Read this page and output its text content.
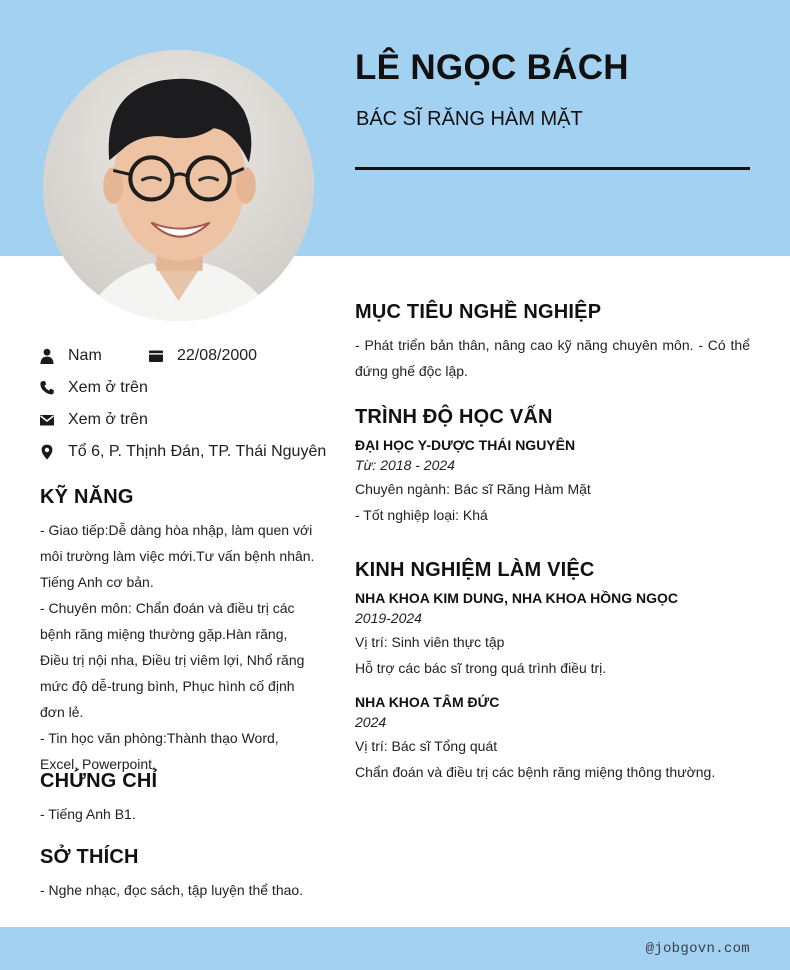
LÊ NGỌC BÁCH
BÁC SĨ RĂNG HÀM MẶT
Nam	22/08/2000
Xem ở trên
Xem ở trên
Tổ 6, P. Thịnh Đán, TP. Thái Nguyên
KỸ NĂNG

- Giao tiếp:Dễ dàng hòa nhập, làm quen với môi trường làm việc mới.Tư vấn bệnh nhân. Tiếng Anh cơ bản.

- Chuyên môn: Chẩn đoán và điều trị các bệnh răng miệng thường gặp.Hàn răng, Điều trị nội nha, Điều trị viêm lợi, Nhổ răng mức độ dễ-trung bình, Phục hình cố định đơn lẻ.

- Tin học văn phòng:Thành thạo Word, Excel, Powerpoint.

CHỨNG CHỈ

- Tiếng Anh B1.

SỞ THÍCH

- Nghe nhạc, đọc sách, tập luyện thể thao.

MỤC TIÊU NGHỀ NGHIỆP
- Phát triển bản thân, nâng cao kỹ năng chuyên môn. - Có thể đứng ghế độc lập.
TRÌNH ĐỘ HỌC VẤN
ĐẠI HỌC Y-DƯỢC THÁI NGUYÊN
Từ: 2018 - 2024
Chuyên ngành: Bác sĩ Răng Hàm Mặt
- Tốt nghiệp loại: Khá
KINH NGHIỆM LÀM VIỆC
NHA KHOA KIM DUNG, NHA KHOA HỒNG NGỌC
2019-2024
Vị trí: Sinh viên thực tập
Hỗ trợ các bác sĩ trong quá trình điều trị.
NHA KHOA TÂM ĐỨC
2024
Vị trí: Bác sĩ Tổng quát
Chẩn đoán và điều trị các bệnh răng miệng thông thường.
@jobgovn.com
